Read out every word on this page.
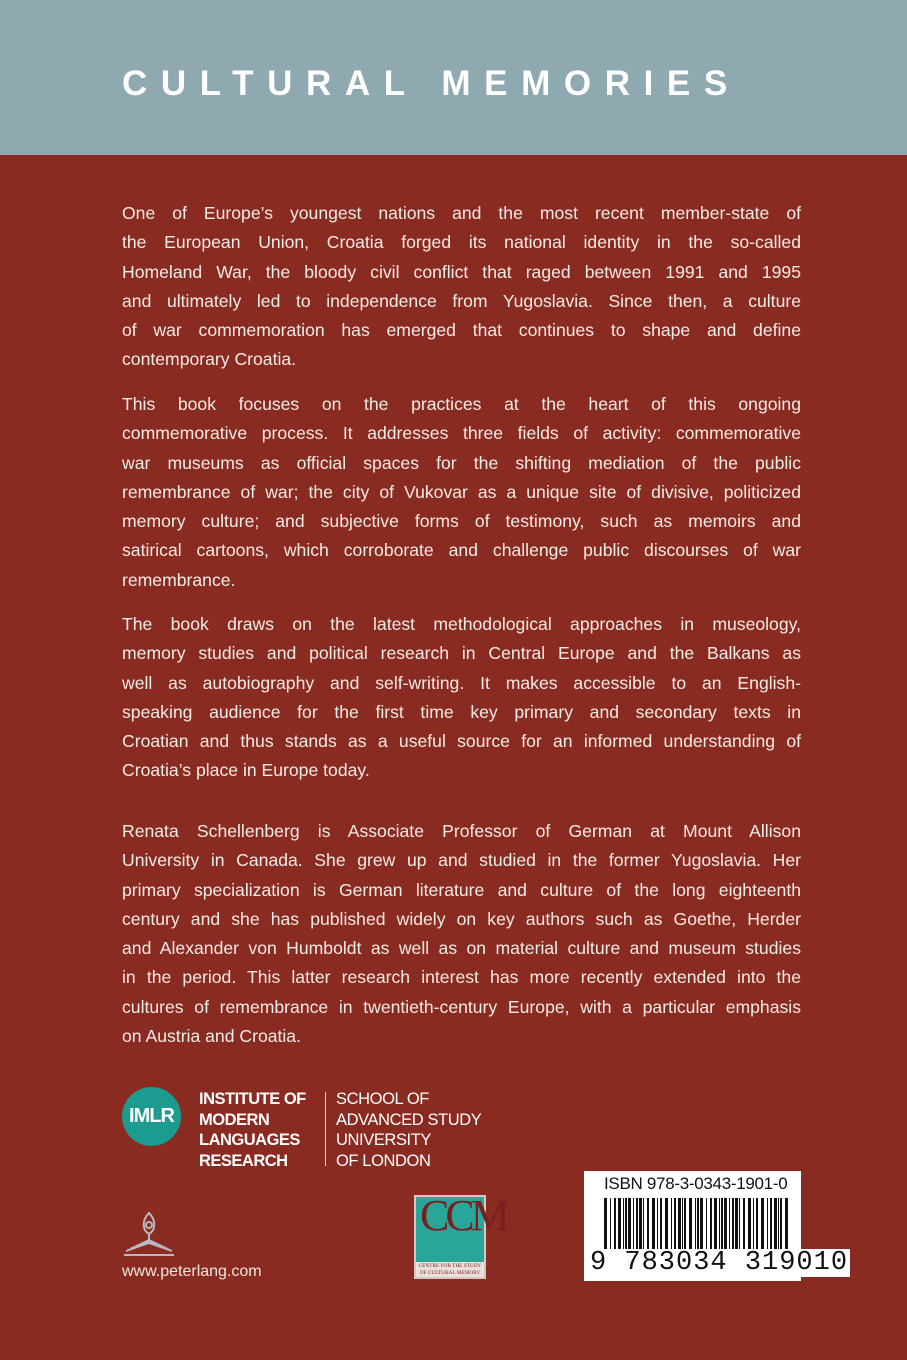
CULTURAL MEMORIES
One of Europe’s youngest nations and the most recent member-state of
the European Union, Croatia forged its national identity in the so-called
Homeland War, the bloody civil conflict that raged between 1991 and 1995
and ultimately led to independence from Yugoslavia. Since then, a culture
of war commemoration has emerged that continues to shape and define
contemporary Croatia.
This book focuses on the practices at the heart of this ongoing
commemorative process. It addresses three fields of activity: commemorative
war museums as official spaces for the shifting mediation of the public
remembrance of war; the city of Vukovar as a unique site of divisive, politicized
memory culture; and subjective forms of testimony, such as memoirs and
satirical cartoons, which corroborate and challenge public discourses of war
remembrance.
The book draws on the latest methodological approaches in museology,
memory studies and political research in Central Europe and the Balkans as
well as autobiography and self-writing. It makes accessible to an English-
speaking audience for the first time key primary and secondary texts in
Croatian and thus stands as a useful source for an informed understanding of
Croatia’s place in Europe today.
Renata Schellenberg is Associate Professor of German at Mount Allison
University in Canada. She grew up and studied in the former Yugoslavia. Her
primary specialization is German literature and culture of the long eighteenth
century and she has published widely on key authors such as Goethe, Herder
and Alexander von Humboldt as well as on material culture and museum studies
in the period. This latter research interest has more recently extended into the
cultures of remembrance in twentieth-century Europe, with a particular emphasis
on Austria and Croatia.
IMLR
INSTITUTE OF
MODERN
LANGUAGES
RESEARCH
SCHOOL OF
ADVANCED STUDY
UNIVERSITY
OF LONDON
www.peterlang.com
CCM
CENTRE FOR THE STUDY
OF CULTURAL MEMORY
ISBN 978-3-0343-1901-0
9 783034 319010
